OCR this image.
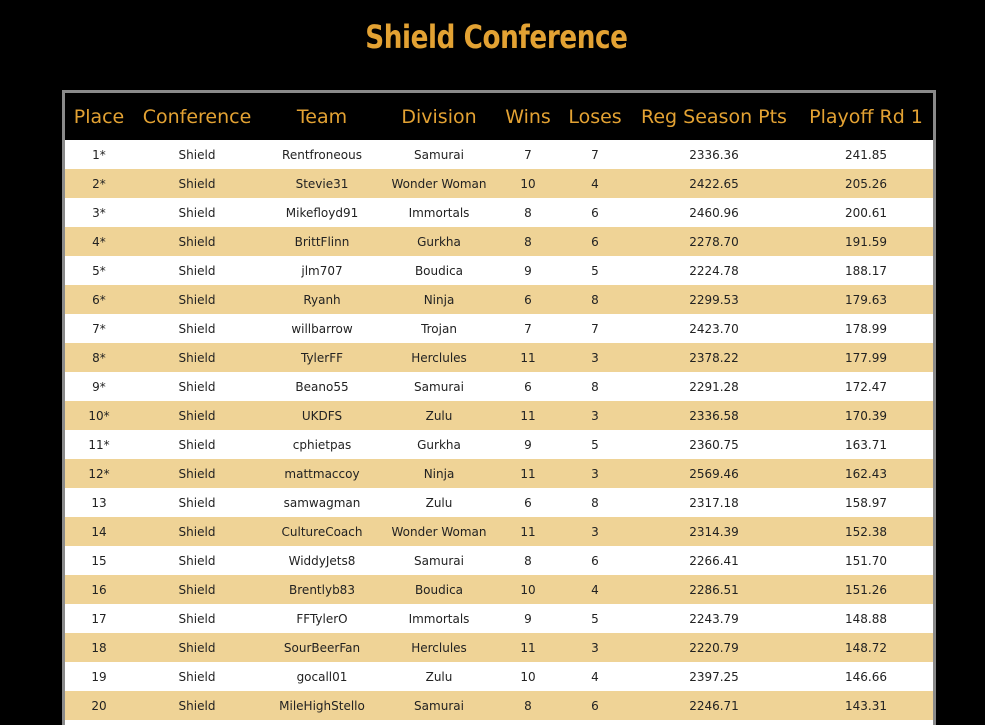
Shield Conference
Place	Conference	Team	Division	Wins	Loses	Reg Season Pts	Playoff Rd 1
1*	Shield	Rentfroneous	Samurai	7	7	2336.36	241.85
2*	Shield	Stevie31	Wonder Woman	10	4	2422.65	205.26
3*	Shield	Mikefloyd91	Immortals	8	6	2460.96	200.61
4*	Shield	BrittFlinn	Gurkha	8	6	2278.70	191.59
5*	Shield	jlm707	Boudica	9	5	2224.78	188.17
6*	Shield	Ryanh	Ninja	6	8	2299.53	179.63
7*	Shield	willbarrow	Trojan	7	7	2423.70	178.99
8*	Shield	TylerFF	Herclules	11	3	2378.22	177.99
9*	Shield	Beano55	Samurai	6	8	2291.28	172.47
10*	Shield	UKDFS	Zulu	11	3	2336.58	170.39
11*	Shield	cphietpas	Gurkha	9	5	2360.75	163.71
12*	Shield	mattmaccoy	Ninja	11	3	2569.46	162.43
13	Shield	samwagman	Zulu	6	8	2317.18	158.97
14	Shield	CultureCoach	Wonder Woman	11	3	2314.39	152.38
15	Shield	WiddyJets8	Samurai	8	6	2266.41	151.70
16	Shield	Brentlyb83	Boudica	10	4	2286.51	151.26
17	Shield	FFTylerO	Immortals	9	5	2243.79	148.88
18	Shield	SourBeerFan	Herclules	11	3	2220.79	148.72
19	Shield	gocall01	Zulu	10	4	2397.25	146.66
20	Shield	MileHighStello	Samurai	8	6	2246.71	143.31
